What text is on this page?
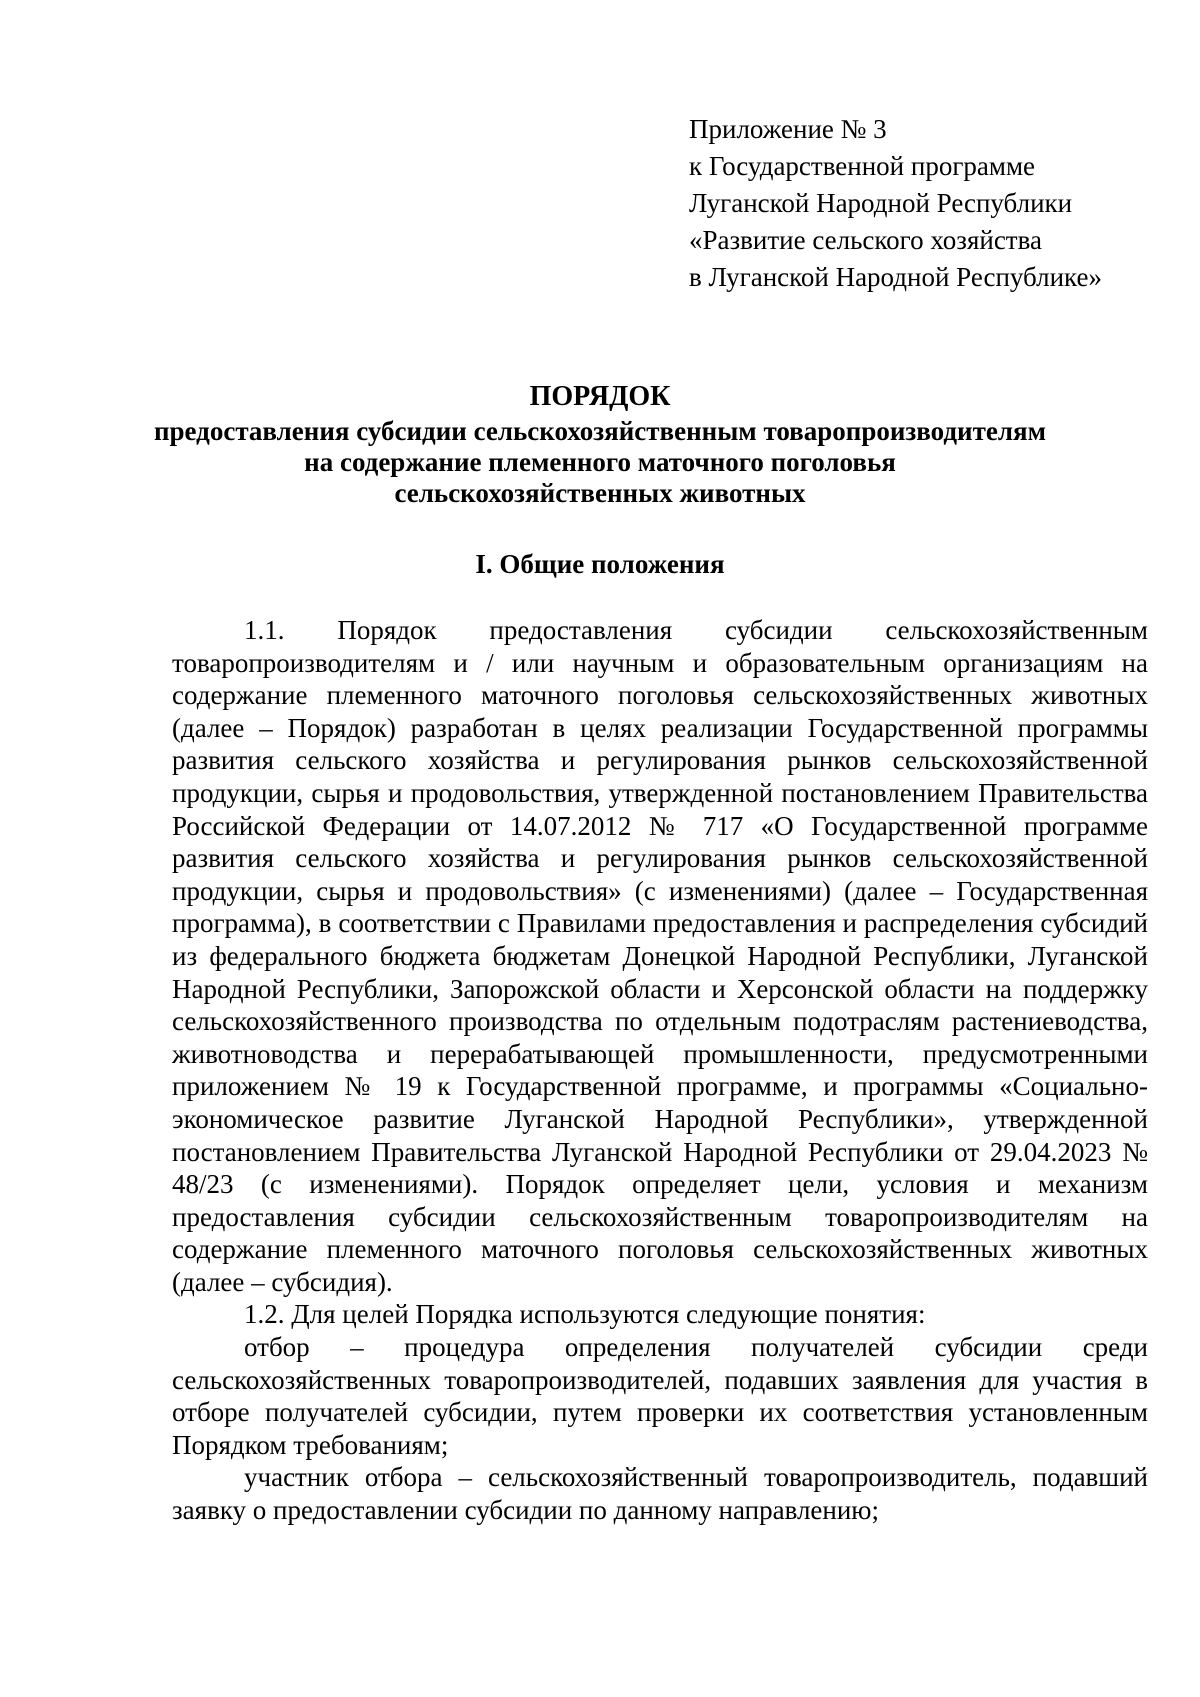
Приложение № 3
к Государственной программе
Луганской Народной Республики
«Развитие сельского хозяйства
в Луганской Народной Республике»
ПОРЯДОК
предоставления субсидии сельскохозяйственным товаропроизводителям
на содержание племенного маточного поголовья
сельскохозяйственных животных
I. Общие положения

1.1. Порядок предоставления субсидии сельскохозяйственным товаропроизводителям и / или научным и образовательным организациям на содержание племенного маточного поголовья сельскохозяйственных животных (далее – Порядок) разработан в целях реализации Государственной программы развития сельского хозяйства и регулирования рынков сельскохозяйственной продукции, сырья и продовольствия, утвержденной постановлением Правительства Российской Федерации от 14.07.2012 № 717 «О Государственной программе развития сельского хозяйства и регулирования рынков сельскохозяйственной продукции, сырья и продовольствия» (с изменениями) (далее – Государственная программа), в соответствии с Правилами предоставления и распределения субсидий из федерального бюджета бюджетам Донецкой Народной Республики, Луганской Народной Республики, Запорожской области и Херсонской области на поддержку сельскохозяйственного производства по отдельным подотраслям растениеводства, животноводства и перерабатывающей промышленности, предусмотренными приложением № 19 к Государственной программе, и программы «Социально-экономическое развитие Луганской Народной Республики», утвержденной постановлением Правительства Луганской Народной Республики от 29.04.2023 № 48/23 (с изменениями). Порядок определяет цели, условия и механизм предоставления субсидии сельскохозяйственным товаропроизводителям на содержание племенного маточного поголовья сельскохозяйственных животных (далее – субсидия).

1.2. Для целей Порядка используются следующие понятия:

отбор – процедура определения получателей субсидии среди сельскохозяйственных товаропроизводителей, подавших заявления для участия в отборе получателей субсидии, путем проверки их соответствия установленным Порядком требованиям;

участник отбора – сельскохозяйственный товаропроизводитель, подавший заявку о предоставлении субсидии по данному направлению;
